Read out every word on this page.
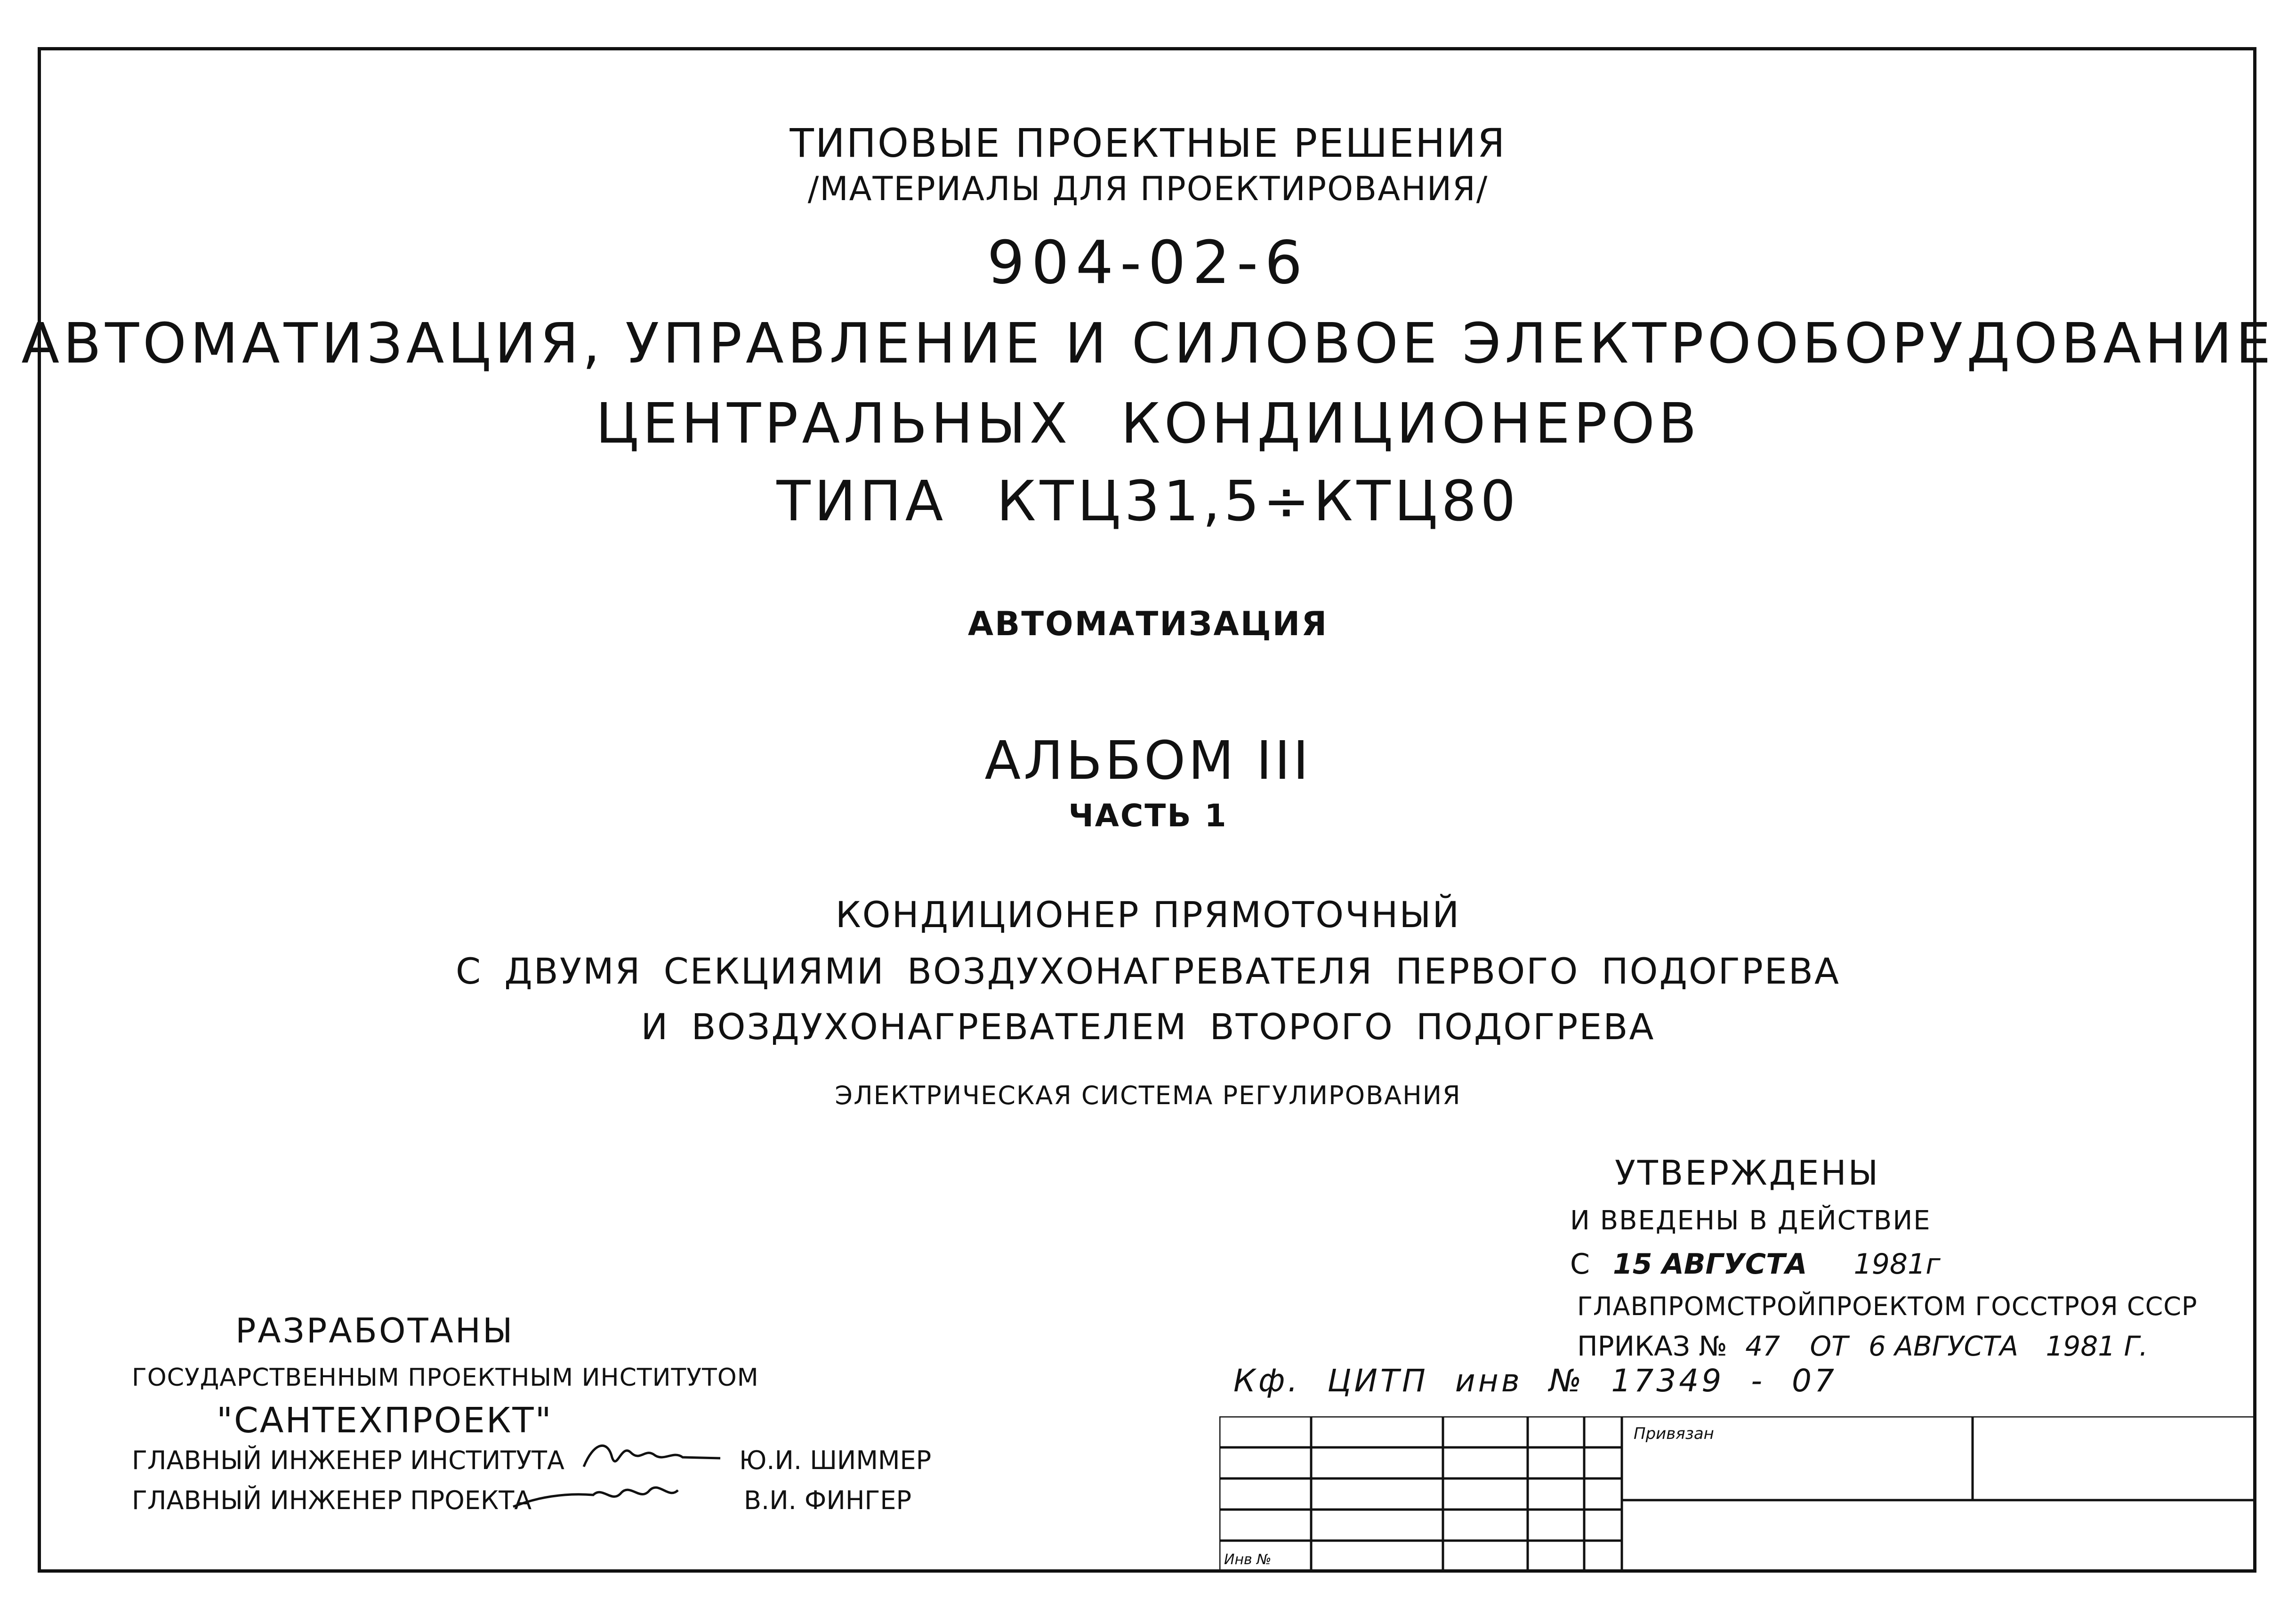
ТИПОВЫЕ ПРОЕКТНЫЕ РЕШЕНИЯ
/МАТЕРИАЛЫ ДЛЯ ПРОЕКТИРОВАНИЯ/
904-02-6
АВТОМАТИЗАЦИЯ, УПРАВЛЕНИЕ И СИЛОВОЕ ЭЛЕКТРООБОРУДОВАНИЕ
ЦЕНТРАЛЬНЫХ КОНДИЦИОНЕРОВ
ТИПА КТЦ31,5÷КТЦ80
АВТОМАТИЗАЦИЯ
АЛЬБОМ III
ЧАСТЬ 1
КОНДИЦИОНЕР ПРЯМОТОЧНЫЙ
С ДВУМЯ СЕКЦИЯМИ ВОЗДУХОНАГРЕВАТЕЛЯ ПЕРВОГО ПОДОГРЕВА
И ВОЗДУХОНАГРЕВАТЕЛЕМ ВТОРОГО ПОДОГРЕВА
ЭЛЕКТРИЧЕСКАЯ СИСТЕМА РЕГУЛИРОВАНИЯ
УТВЕРЖДЕНЫ
И ВВЕДЕНЫ В ДЕЙСТВИЕ
С 15 АВГУСТА 1981г
ГЛАВПРОМСТРОЙПРОЕКТОМ ГОССТРОЯ СССР
ПРИКАЗ № 47 ОТ 6 АВГУСТА 1981 Г.
РАЗРАБОТАНЫ
ГОСУДАРСТВЕННЫМ ПРОЕКТНЫМ ИНСТИТУТОМ
"САНТЕХПРОЕКТ"
ГЛАВНЫЙ ИНЖЕНЕР ИНСТИТУТА	Ю.И. ШИММЕР
ГЛАВНЫЙ ИНЖЕНЕР ПРОЕКТА	В.И. ФИНГЕР
Кф. ЦИТП инв № 17349 - 07
Привязан
Инв №
